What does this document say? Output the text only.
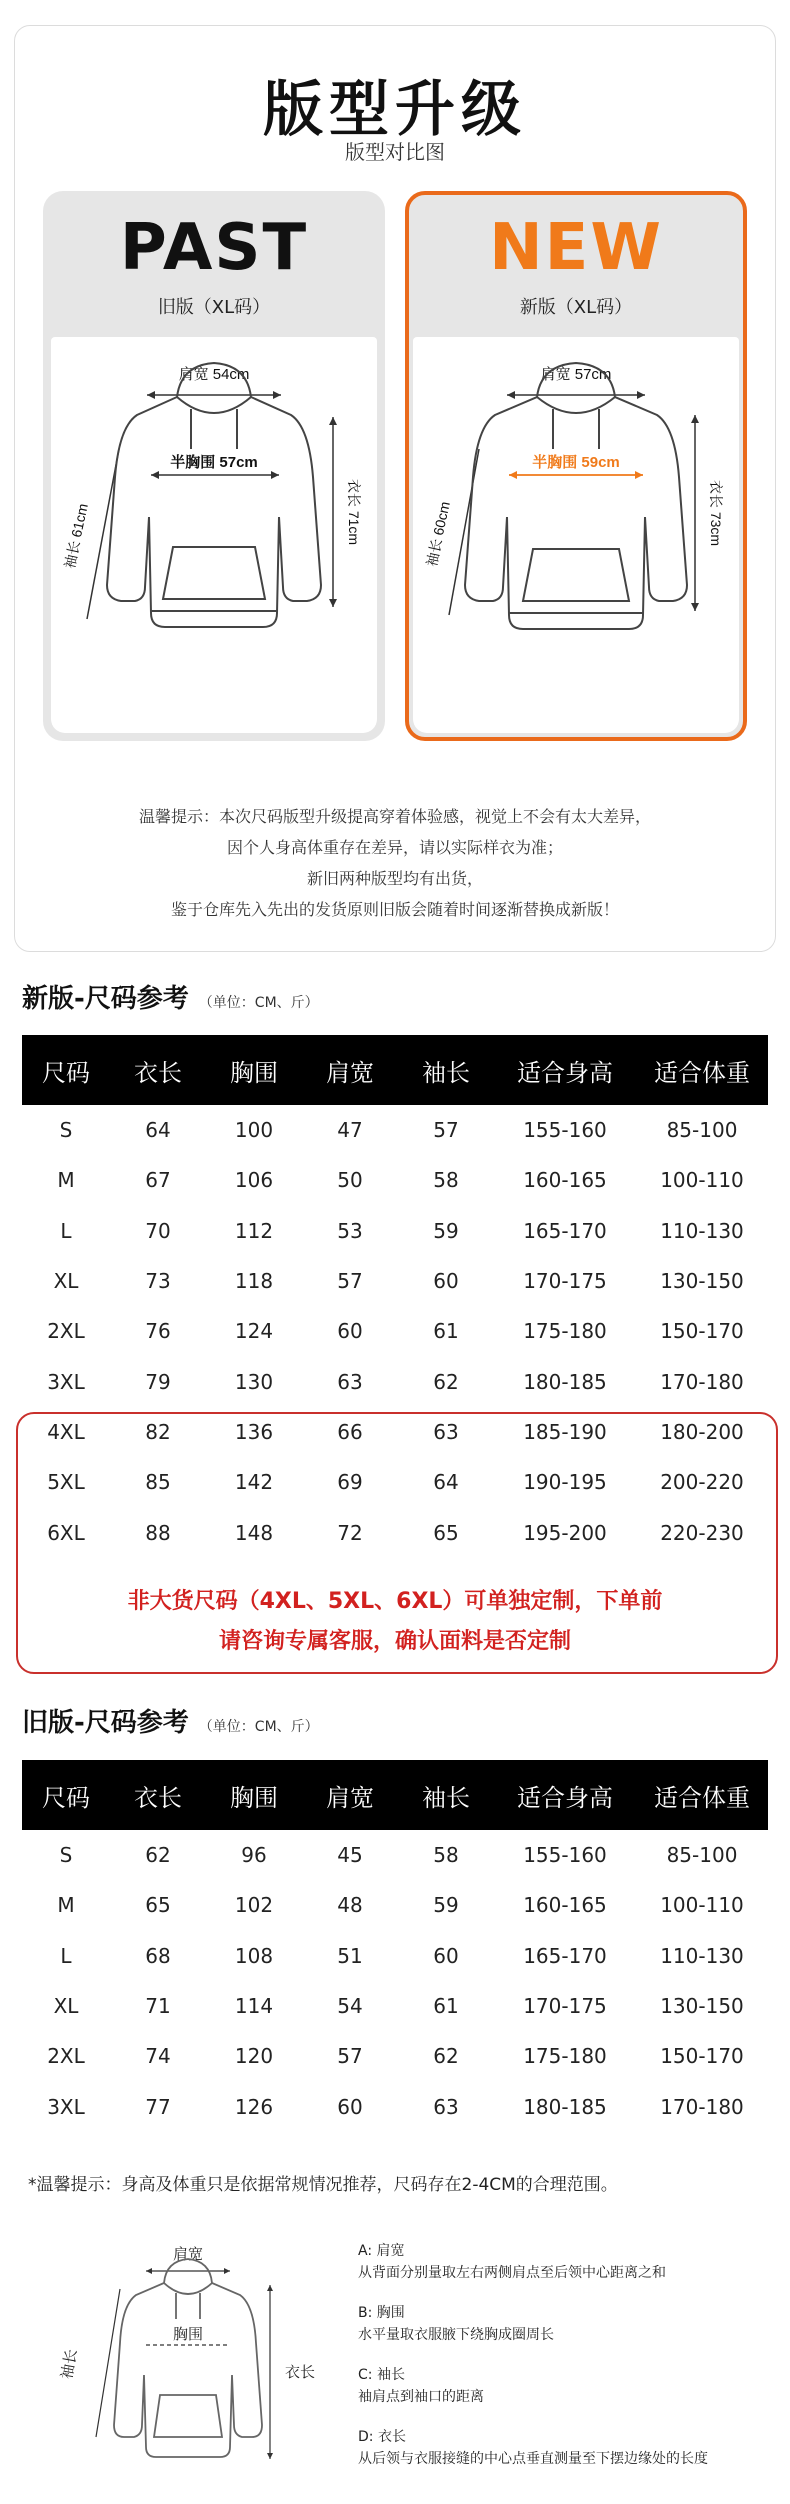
版型升级
版型对比图
PAST
旧版（XL码）
肩宽 54cm
袖长 61cm	衣长 71cm
半胸围 57cm
NEW
新版（XL码）
肩宽 57cm
袖长 60cm	衣长 73cm
半胸围 59cm
温馨提示：本次尺码版型升级提高穿着体验感，视觉上不会有太大差异，
因个人身高体重存在差异，请以实际样衣为准；
新旧两种版型均有出货，
鉴于仓库先入先出的发货原则旧版会随着时间逐渐替换成新版！
新版-尺码参考 （单位：CM、斤）
尺码	衣长	胸围	肩宽	袖长	适合身高	适合体重
S	64	100	47	57	155-160	85-100
M	67	106	50	58	160-165	100-110
L	70	112	53	59	165-170	110-130
XL	73	118	57	60	170-175	130-150
2XL	76	124	60	61	175-180	150-170
3XL	79	130	63	62	180-185	170-180
4XL	82	136	66	63	185-190	180-200
5XL	85	142	69	64	190-195	200-220
6XL	88	148	72	65	195-200	220-230
非大货尺码（4XL、5XL、6XL）可单独定制，下单前
请咨询专属客服，确认面料是否定制
旧版-尺码参考 （单位：CM、斤）
尺码	衣长	胸围	肩宽	袖长	适合身高	适合体重
S	62	96	45	58	155-160	85-100
M	65	102	48	59	160-165	100-110
L	68	108	51	60	165-170	110-130
XL	71	114	54	61	170-175	130-150
2XL	74	120	57	62	175-180	150-170
3XL	77	126	60	63	180-185	170-180
*温馨提示：身高及体重只是依据常规情况推荐，尺码存在2-4CM的合理范围。
肩宽
胸围
袖长	衣长
A: 肩宽
从背面分别量取左右两侧肩点至后领中心距离之和
B: 胸围
水平量取衣服腋下绕胸成圈周长
C: 袖长
袖肩点到袖口的距离
D: 衣长
从后领与衣服接缝的中心点垂直测量至下摆边缘处的长度
